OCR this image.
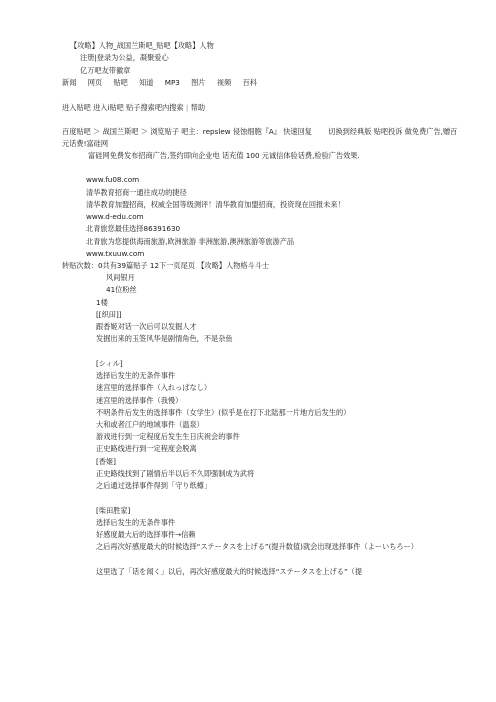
【攻略】人物_战国兰斯吧_贴吧【攻略】人物
注册|登录为公益，凝聚爱心
亿万吧友带徽章
新闻 网页 贴吧 知道 MP3 图片 视频 百科
进入贴吧 进入i贴吧 贴子搜索吧内搜索 | 帮助
百度贴吧 ＞ 战国兰斯吧 ＞ 浏览贴子 吧主：repslew 侵蚀细胞『A』 快速回复 切换到经典版 贴吧投诉 做免费广告,赠百元话费!富硅网
富硅网免费发布招商广告,签约即向企业电 话充值 100 元诚信体验话费,检验广告效果.
www.fu08.com
清华教育招商一通往成功的捷径
清华教育加盟招商，权威全国等级测评！清华教育加盟招商，投资现在回报未来！
www.d-edu.com
北青旅您最佳选择86391630
北青旅为您提供海南旅游,欧洲旅游 非洲旅游,澳洲旅游等旅游产品
www.txuuw.com
转贴次数：0共有39篇贴子 12下一页尾页 【攻略】人物格斗斗士
风间银月
41位粉丝
1楼
[[织田]]
跟香姬对话一次后可以发掘人才
发掘出来的玉签风华是剧情角色，不是杂鱼
[シィル]
选择后发生的无条件事件
迷宫里的选择事件（入れっぱなし）
迷宫里的选择事件（我慢）
不明条件后发生的选择事件（女学生）(似乎是在打下北陆那一片地方后发生的）
大和或者江户的地域事件（温泉）
游戏进行到一定程度后发生生日庆祝会的事件
正史路线进行到一定程度会脱离
[香姬]
正史路线找到了剧情后半以后不久即强制成为武将
之后通过选择事件得到「守り纸樽」
[柴田胜家]
选择后发生的无条件事件
好感度最大后的选择事件→信赖
之后再次好感度最大的时候选择“ステータスを上げる”(提升数值)就会出现选择事件（よーいちろー）
这里选了「话を闻く」以后，再次好感度最大的时候选择“ステータスを上げる”（提
